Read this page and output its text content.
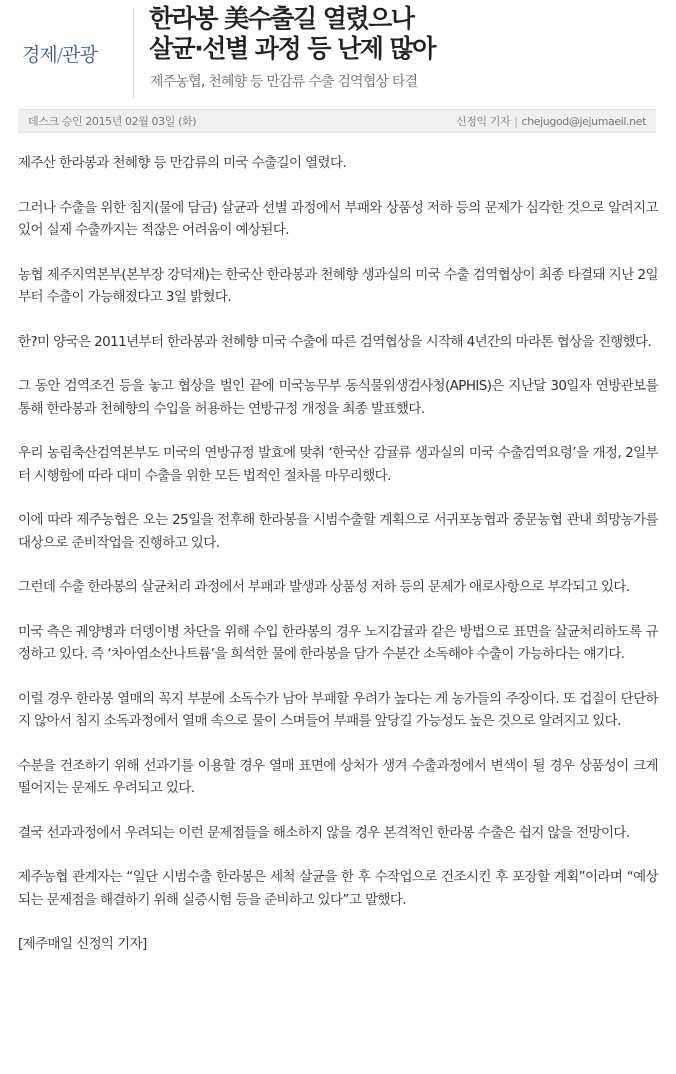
경제/관광
한라봉 美수출길 열렸으나
살균·선별 과정 등 난제 많아
제주농협, 천혜향 등 만감류 수출 검역협상 타결
데스크 승인 2015년 02월 03일 (화)	신정익 기자 | chejugod@jejumaeil.net

제주산 한라봉과 천혜향 등 만감류의 미국 수출길이 열렸다.

그러나 수출을 위한 침지(물에 담금) 살균과 선별 과정에서 부패와 상품성 저하 등의 문제가 심각한 것으로 알려지고 있어 실제 수출까지는 적잖은 어려움이 예상된다.

농협 제주지역본부(본부장 강덕재)는 한국산 한라봉과 천혜향 생과실의 미국 수출 검역협상이 최종 타결돼 지난 2일부터 수출이 가능해졌다고 3일 밝혔다.

한?미 양국은 2011년부터 한라봉과 천혜향 미국 수출에 따른 검역협상을 시작해 4년간의 마라톤 협상을 진행했다.

그 동안 검역조건 등을 놓고 협상을 벌인 끝에 미국농무부 동식물위생검사청(APHIS)은 지난달 30일자 연방관보를 통해 한라봉과 천혜향의 수입을 허용하는 연방규정 개정을 최종 발표했다.

우리 농림축산검역본부도 미국의 연방규정 발효에 맞춰 ‘한국산 감귤류 생과실의 미국 수출검역요령’을 개정, 2일부터 시행함에 따라 대미 수출을 위한 모든 법적인 절차를 마무리했다.

이에 따라 제주농협은 오는 25일을 전후해 한라봉을 시범수출할 계획으로 서귀포농협과 중문농협 관내 희망농가를 대상으로 준비작업을 진행하고 있다.

그런데 수출 한라봉의 살균처리 과정에서 부패과 발생과 상품성 저하 등의 문제가 애로사항으로 부각되고 있다.

미국 측은 궤양병과 더뎅이병 차단을 위해 수입 한라봉의 경우 노지감귤과 같은 방법으로 표면을 살균처리하도록 규정하고 있다. 즉 ‘차아염소산나트륨’을 희석한 물에 한라봉을 담가 수분간 소독해야 수출이 가능하다는 얘기다.

이럴 경우 한라봉 열매의 꼭지 부분에 소독수가 남아 부패할 우려가 높다는 게 농가들의 주장이다. 또 겁질이 단단하지 않아서 침지 소독과정에서 열매 속으로 물이 스며들어 부패를 앞당길 가능성도 높은 것으로 알려지고 있다.

수분을 건조하기 위해 선과기를 이용할 경우 열매 표면에 상처가 생겨 수출과정에서 변색이 될 경우 상품성이 크게 떨어지는 문제도 우려되고 있다.

결국 선과과정에서 우려되는 이런 문제점들을 해소하지 않을 경우 본격적인 한라봉 수출은 쉽지 않을 전망이다.

제주농협 관계자는 “일단 시범수출 한라봉은 세척 살균을 한 후 수작업으로 건조시킨 후 포장할 계획”이라며 “예상되는 문제점을 해결하기 위해 실증시험 등을 준비하고 있다”고 말했다.

[제주매일 신정익 기자]
